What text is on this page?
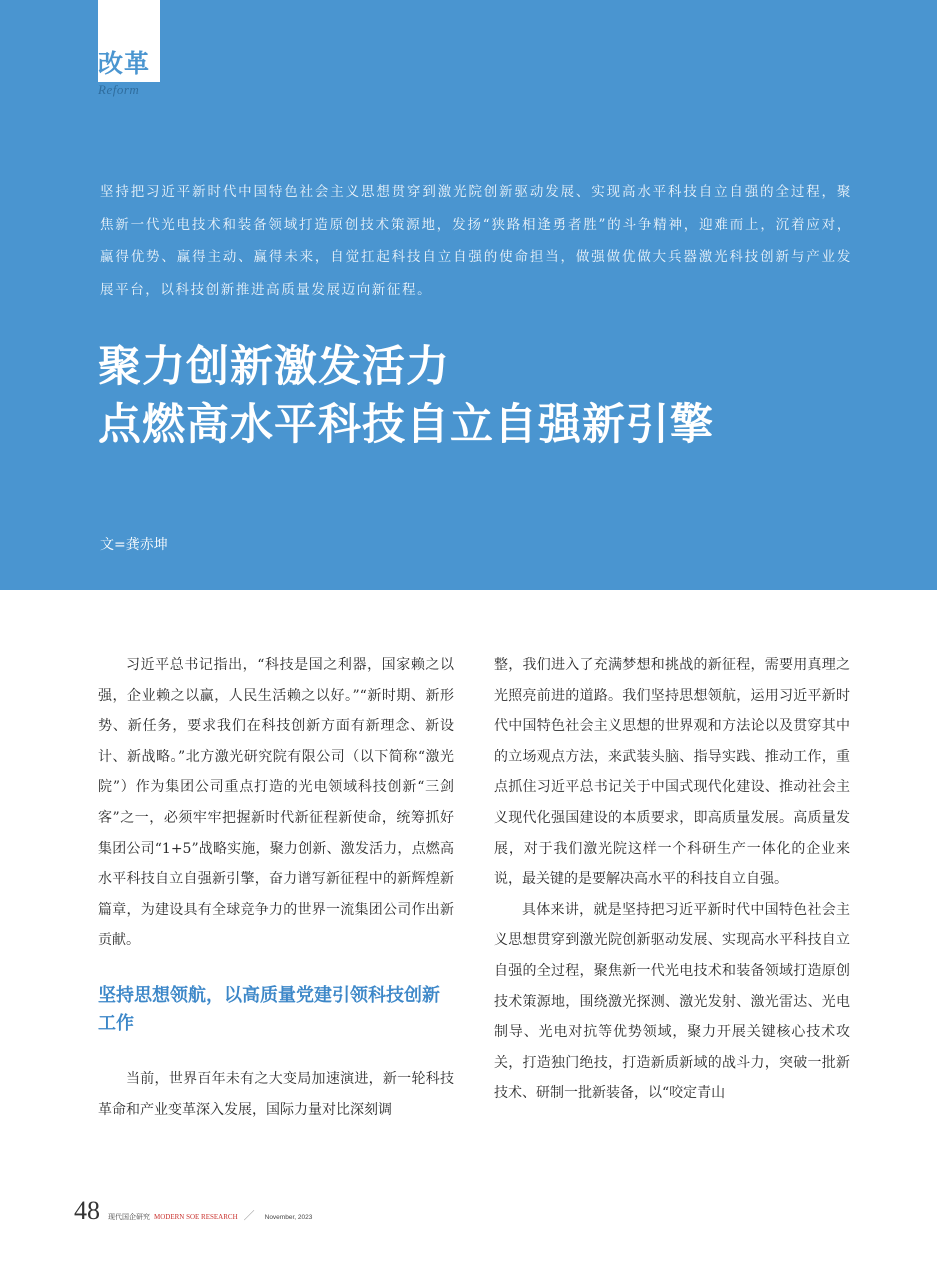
改革
Reform

坚持把习近平新时代中国特色社会主义思想贯穿到激光院创新驱动发展、实现高水平科技自立自强的全过程，聚焦新一代光电技术和装备领域打造原创技术策源地，发扬“狭路相逢勇者胜”的斗争精神，迎难而上，沉着应对，赢得优势、赢得主动、赢得未来，自觉扛起科技自立自强的使命担当，做强做优做大兵器激光科技创新与产业发展平台，以科技创新推进高质量发展迈向新征程。

聚力创新激发活力
点燃高水平科技自立自强新引擎
文=龚赤坤

习近平总书记指出，“科技是国之利器，国家赖之以强，企业赖之以赢，人民生活赖之以好。”“新时期、新形势、新任务，要求我们在科技创新方面有新理念、新设计、新战略。”北方激光研究院有限公司（以下简称“激光院”）作为集团公司重点打造的光电领域科技创新“三剑客”之一，必须牢牢把握新时代新征程新使命，统筹抓好集团公司“1+5”战略实施，聚力创新、激发活力，点燃高水平科技自立自强新引擎，奋力谱写新征程中的新辉煌新篇章，为建设具有全球竞争力的世界一流集团公司作出新贡献。

坚持思想领航，以高质量党建引领科技创新工作

当前，世界百年未有之大变局加速演进，新一轮科技革命和产业变革深入发展，国际力量对比深刻调

整，我们进入了充满梦想和挑战的新征程，需要用真理之光照亮前进的道路。我们坚持思想领航，运用习近平新时代中国特色社会主义思想的世界观和方法论以及贯穿其中的立场观点方法，来武装头脑、指导实践、推动工作，重点抓住习近平总书记关于中国式现代化建设、推动社会主义现代化强国建设的本质要求，即高质量发展。高质量发展，对于我们激光院这样一个科研生产一体化的企业来说，最关键的是要解决高水平的科技自立自强。

具体来讲，就是坚持把习近平新时代中国特色社会主义思想贯穿到激光院创新驱动发展、实现高水平科技自立自强的全过程，聚焦新一代光电技术和装备领域打造原创技术策源地，围绕激光探测、激光发射、激光雷达、光电制导、光电对抗等优势领域，聚力开展关键核心技术攻关，打造独门绝技，打造新质新域的战斗力，突破一批新技术、研制一批新装备，以“咬定青山

48 现代国企研究 MODERN SOE RESEARCH ／ November, 2023
